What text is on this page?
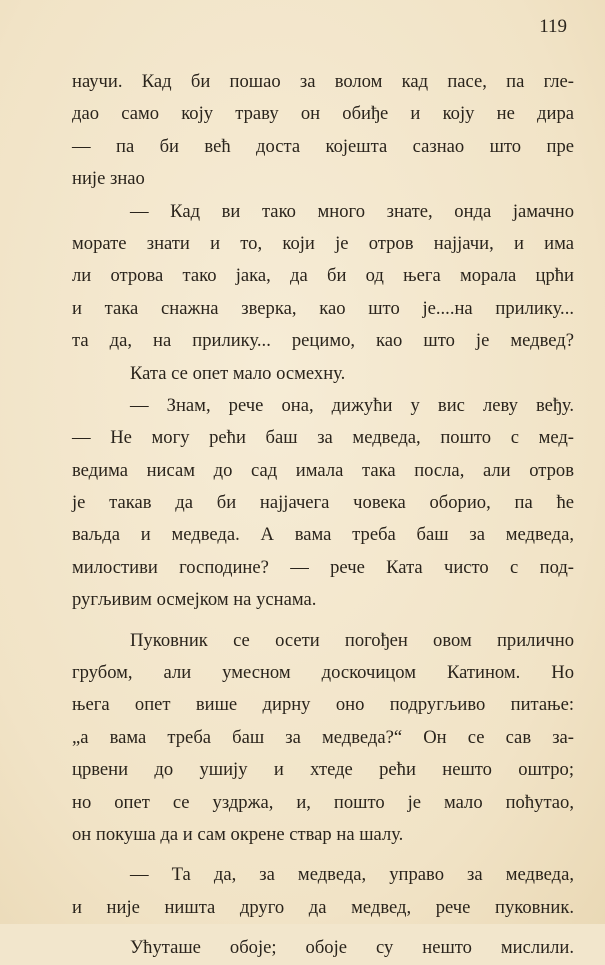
119
научи. Кад би пошао за волом кад пасе, па гле-
дао само коју траву он обиђе и коју не дира
— па би већ доста којешта сазнао што пре
није знао
— Кад ви тако много знате, онда јамачно
морате знати и то, који је отров најјачи, и има
ли отрова тако јака, да би од њега морала црћи
и така снажна зверка, као што је....на прилику...
та да, на прилику... рецимо, као што је медвед?
Ката се опет мало осмехну.
— Знам, рече она, дижући у вис леву веђу.
— Не могу рећи баш за медведа, пошто с мед-
ведима нисам до сад имала така посла, али отров
је такав да би најјачега човека оборио, па ће
ваљда и медведа. А вама треба баш за медведа,
милостиви господине? — рече Ката чисто с под-
ругљивим осмејком на уснама.
Пуковник се осети погођен овом прилично
грубом, али умесном доскочицом Катином. Но
њега опет више дирну оно подругљиво питање:
„а вама треба баш за медведа?“ Он се сав за-
црвени до ушију и хтеде рећи нешто оштро;
но опет се уздржа, и, пошто је мало поћутао,
он покуша да и сам окрене ствар на шалу.
— Та да, за медведа, управо за медведа,
и није ништа друго да медвед, рече пуковник.
Ућуташе обоје; обоје су нешто мислили.
